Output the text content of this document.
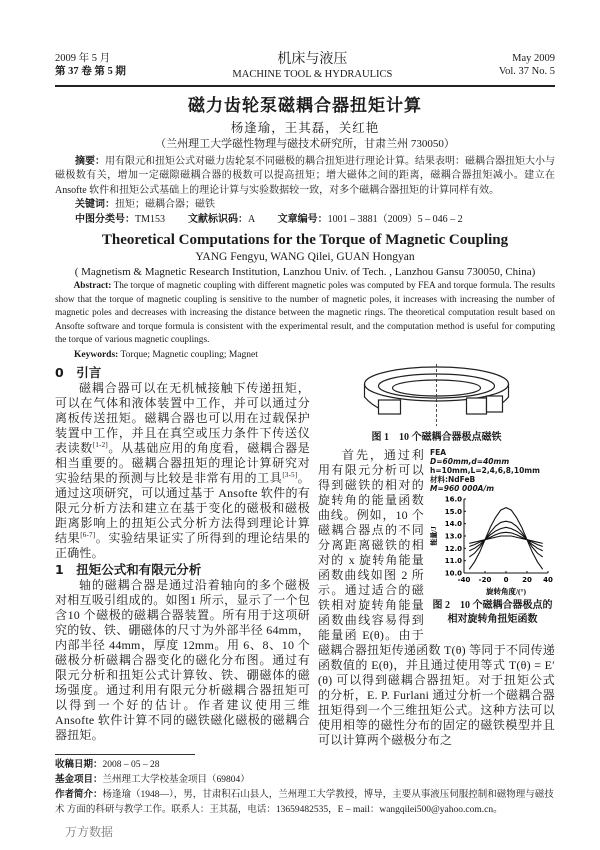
2009 年 5 月
第 37 卷 第 5 期
机床与液压
MACHINE TOOL & HYDRAULICS
May 2009
Vol. 37 No. 5
磁力齿轮泵磁耦合器扭矩计算
杨逢瑜，王其磊，关红艳
（兰州理工大学磁性物理与磁技术研究所，甘肃兰州 730050）
摘要：用有限元和扭矩公式对磁力齿轮泵不同磁极的耦合扭矩进行理论计算。结果表明：磁耦合器扭矩大小与磁极数有关，增加一定磁隙磁耦合器的极数可以提高扭矩；增大磁体之间的距离，磁耦合器扭矩减小。建立在 Ansofte 软件和扭矩公式基础上的理论计算与实验数据较一致，对多个磁耦合器扭矩的计算同样有效。
关键词：扭矩；磁耦合器；磁铁
中图分类号：TM153 文献标识码：A 文章编号：1001 – 3881（2009）5 – 046 – 2
Theoretical Computations for the Torque of Magnetic Coupling
YANG Fengyu, WANG Qilei, GUAN Hongyan
( Magnetism & Magnetic Research Institution, Lanzhou Univ. of Tech. , Lanzhou Gansu 730050, China)
Abstract: The torque of magnetic coupling with different magnetic poles was computed by FEA and torque formula. The results show that the torque of magnetic coupling is sensitive to the number of magnetic poles, it increases with increasing the number of magnetic poles and decreases with increasing the distance between the magnetic rings. The theoretical computation result based on Ansofte software and torque formula is consistent with the experimental result, and the computation method is useful for computing the torque of various magnetic couplings.
Keywords: Torque; Magnetic coupling; Magnet
0　引言
磁耦合器可以在无机械接触下传递扭矩，可以在气体和液体装置中工作，并可以通过分离板传送扭矩。磁耦合器也可以用在过载保护装置中工作，并且在真空或压力条件下传送仪表读数[1-2]。从基础应用的角度看，磁耦合器是相当重要的。磁耦合器扭矩的理论计算研究对实验结果的预测与比较是非常有用的工具[3-5]。通过这项研究，可以通过基于 Ansofte 软件的有限元分析方法和建立在基于变化的磁极和磁极距离影响上的扭矩公式分析方法得到理论计算结果[6-7]。实验结果证实了所得到的理论结果的正确性。
1　扭矩公式和有限元分析
轴的磁耦合器是通过沿着轴向的多个磁极对相互吸引组成的。如图1 所示，显示了一个包含10 个磁极的磁耦合器装置。所有用于这项研究的钕、铁、硼磁体的尺寸为外部半径 64mm，内部半径 44mm，厚度 12mm。用 6、8、10 个磁极分析磁耦合器变化的磁化分布图。通过有限元分析和扭矩公式计算钕、铁、硼磁体的磁场强度。通过利用有限元分析磁耦合器扭矩可以得到一个好的估计。作者建议使用三维 Ansofte 软件计算不同的磁铁磁化磁极的磁耦合器扭矩。
图 1　10 个磁耦合器极点磁铁
FEA
D=60mm,d=40mm
h=10mm,L=2,4,6,8,10mm
材料:NdFeB
M=960 000A/m
10.0
11.0
12.0
13.0
14.0
15.0
16.0
-40 -20 0 20 40
旋转角度/(°)
能量/J
图 2　10 个磁耦合器极点的
相对旋转角扭矩函数
首先，通过利用有限元分析可以得到磁铁的相对的旋转角的能量函数曲线。例如，10 个磁耦合器点的不同分离距离磁铁的相对的 x 旋转角能量函数曲线如图 2 所示。通过适合的磁铁相对旋转角能量函数曲线容易得到能量函 E(θ)。由于磁耦合器扭矩传递函数 T(θ) 等同于不同传递函数值的 E(θ)，并且通过使用等式 T(θ) = E′(θ) 可以得到磁耦合器扭矩。对于扭矩公式的分析，E. P. Furlani 通过分析一个磁耦合器扭矩得到一个三维扭矩公式。这种方法可以使用相等的磁性分布的固定的磁铁模型并且可以计算两个磁极分布之
收稿日期：2008 – 05 – 28
基金项目：兰州理工大学校基金项目（69804）
作者简介：杨逢瑜（1948—），男，甘肃积石山县人，兰州理工大学教授，博导，主要从事液压伺服控制和磁物理与磁技术 方面的科研与教学工作。联系人：王其磊，电话：13659482535，E – mail：wangqilei500@yahoo.com.cn。
万方数据
